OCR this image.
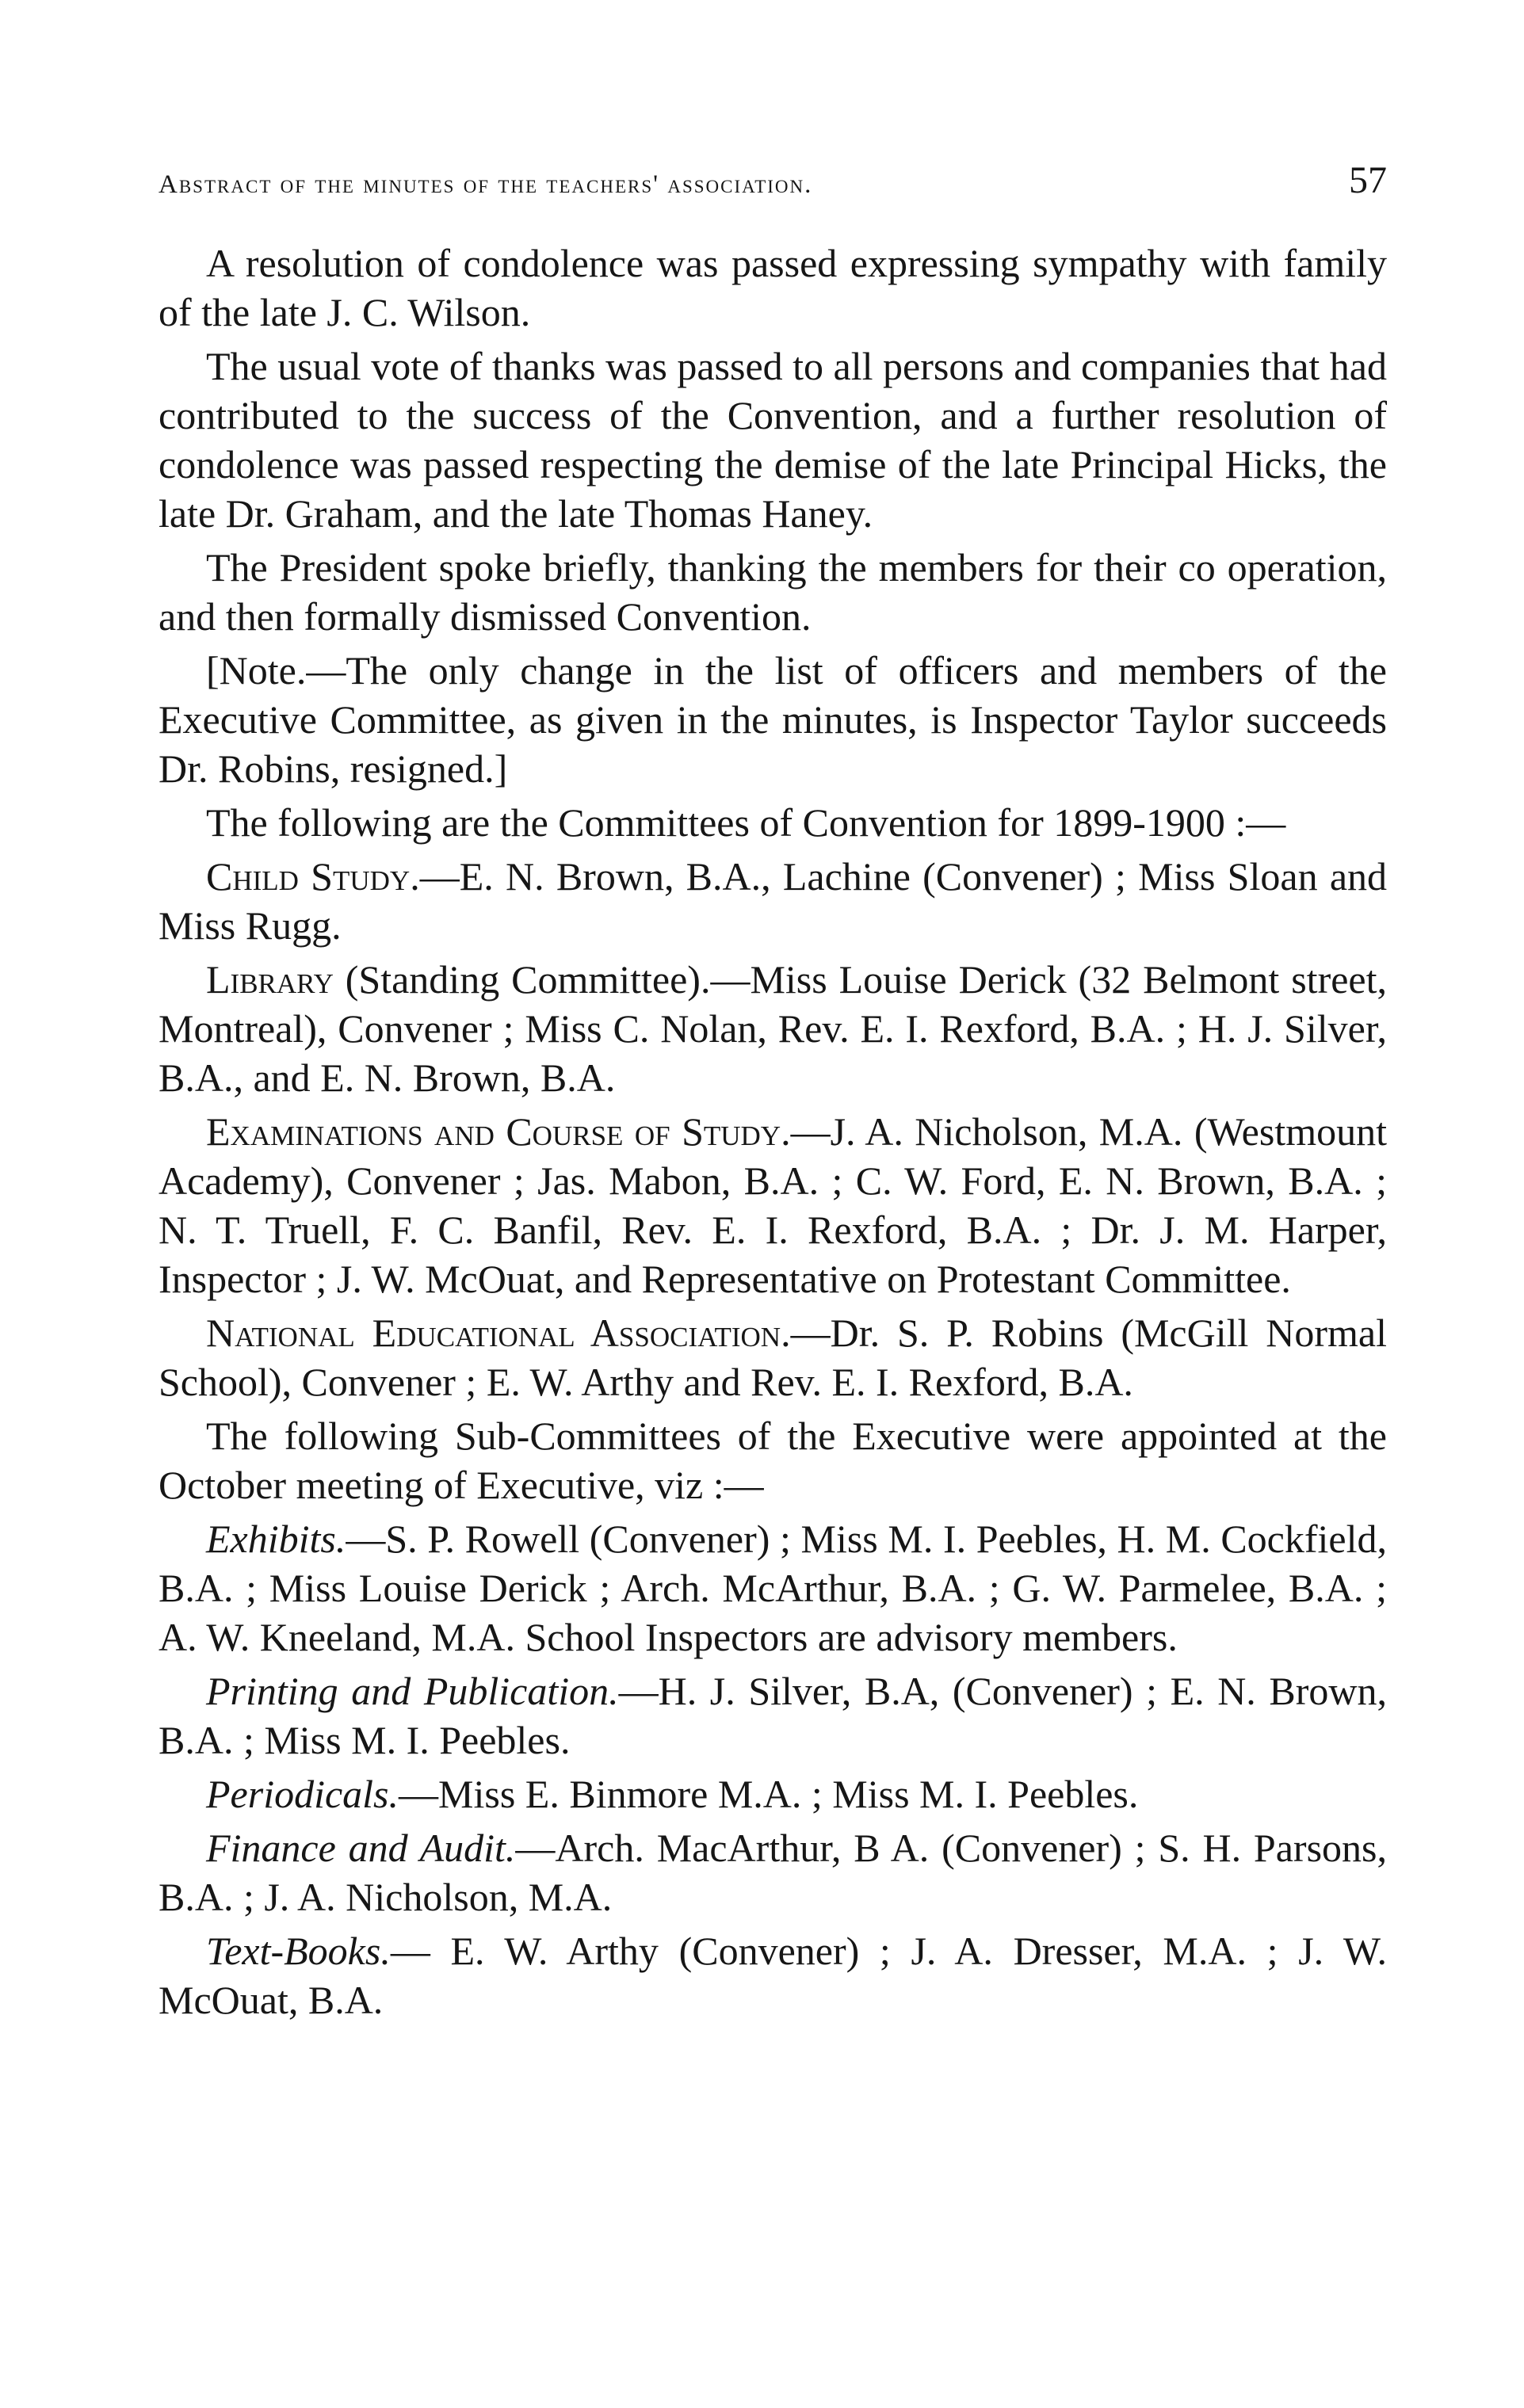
Abstract of the minutes of the teachers' association.	57

A resolution of condolence was passed expressing sympathy with family of the late J. C. Wilson.

The usual vote of thanks was passed to all persons and companies that had contributed to the success of the Convention, and a further resolution of condolence was passed respecting the demise of the late Principal Hicks, the late Dr. Graham, and the late Thomas Haney.

The President spoke briefly, thanking the members for their co operation, and then formally dismissed Convention.

[Note.—The only change in the list of officers and members of the Executive Committee, as given in the minutes, is Inspector Taylor succeeds Dr. Robins, resigned.]

The following are the Committees of Convention for 1899-1900 :—

Child Study.—E. N. Brown, B.A., Lachine (Convener) ; Miss Sloan and Miss Rugg.

Library (Standing Committee).—Miss Louise Derick (32 Belmont street, Montreal), Convener ; Miss C. Nolan, Rev. E. I. Rexford, B.A. ; H. J. Silver, B.A., and E. N. Brown, B.A.

Examinations and Course of Study.—J. A. Nicholson, M.A. (Westmount Academy), Convener ; Jas. Mabon, B.A. ; C. W. Ford, E. N. Brown, B.A. ; N. T. Truell, F. C. Banfil, Rev. E. I. Rexford, B.A. ; Dr. J. M. Harper, Inspector ; J. W. McOuat, and Representative on Protestant Committee.

National Educational Association.—Dr. S. P. Robins (McGill Normal School), Convener ; E. W. Arthy and Rev. E. I. Rexford, B.A.

The following Sub-Committees of the Executive were appointed at the October meeting of Executive, viz :—

Exhibits.—S. P. Rowell (Convener) ; Miss M. I. Peebles, H. M. Cockfield, B.A. ; Miss Louise Derick ; Arch. McArthur, B.A. ; G. W. Parmelee, B.A. ; A. W. Kneeland, M.A. School Inspectors are advisory members.

Printing and Publication.—H. J. Silver, B.A, (Convener) ; E. N. Brown, B.A. ; Miss M. I. Peebles.

Periodicals.—Miss E. Binmore M.A. ; Miss M. I. Peebles.

Finance and Audit.—Arch. MacArthur, B A. (Convener) ; S. H. Parsons, B.A. ; J. A. Nicholson, M.A.

Text-Books.— E. W. Arthy (Convener) ; J. A. Dresser, M.A. ; J. W. McOuat, B.A.
